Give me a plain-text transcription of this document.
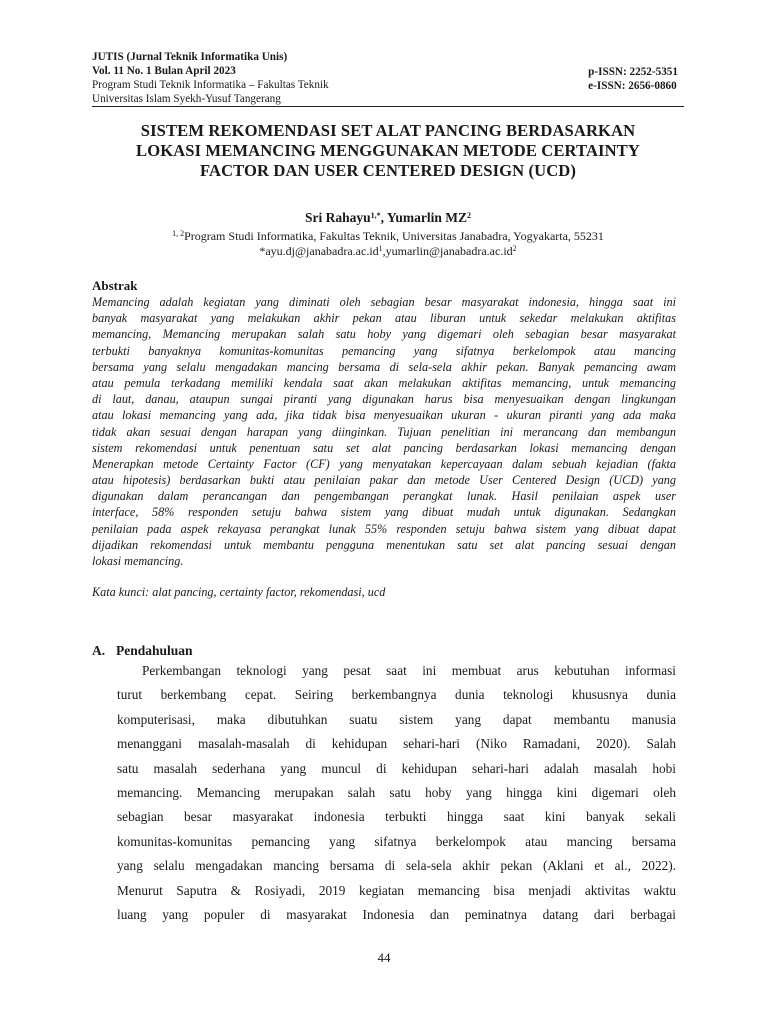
JUTIS (Jurnal Teknik Informatika Unis)
Vol. 11 No. 1 Bulan April 2023
Program Studi Teknik Informatika – Fakultas Teknik
Universitas Islam Syekh-Yusuf Tangerang
p-ISSN: 2252-5351
e-ISSN: 2656-0860
SISTEM REKOMENDASI SET ALAT PANCING BERDASARKAN
LOKASI MEMANCING MENGGUNAKAN METODE CERTAINTY
FACTOR DAN USER CENTERED DESIGN (UCD)
Sri Rahayu$^{1,*}$, Yumarlin $MZ^2$
$^{1, 2}$Program Studi Informatika, Fakultas Teknik, Universitas Janabadra, Yogyakarta, 55231
$*ayu.dj@janabadra.ac.id^1,yumarlin@janabadra.ac.id^2$
Abstrak
Memancing adalah kegiatan yang diminati oleh sebagian besar masyarakat indonesia, hingga saat ini
banyak masyarakat yang melakukan akhir pekan atau liburan untuk sekedar melakukan aktifitas
memancing, Memancing merupakan salah satu hoby yang digemari oleh sebagian besar masyarakat
terbukti banyaknya komunitas-komunitas pemancing yang sifatnya berkelompok atau mancing
bersama yang selalu mengadakan mancing bersama di sela-sela akhir pekan. Banyak pemancing awam
atau pemula terkadang memiliki kendala saat akan melakukan aktifitas memancing, untuk memancing
di laut, danau, ataupun sungai piranti yang digunakan harus bisa menyesuaikan dengan lingkungan
atau lokasi memancing yang ada, jika tidak bisa menyesuaikan ukuran - ukuran piranti yang ada maka
tidak akan sesuai dengan harapan yang diinginkan. Tujuan penelitian ini merancang dan membangun
sistem rekomendasi untuk penentuan satu set alat pancing berdasarkan lokasi memancing dengan
Menerapkan metode Certainty Factor (CF) yang menyatakan kepercayaan dalam sebuah kejadian (fakta
atau hipotesis) berdasarkan bukti atau penilaian pakar dan metode User Centered Design (UCD) yang
digunakan dalam perancangan dan pengembangan perangkat lunak. Hasil penilaian aspek user
interface, 58% responden setuju bahwa sistem yang dibuat mudah untuk digunakan. Sedangkan
penilaian pada aspek rekayasa perangkat lunak 55% responden setuju bahwa sistem yang dibuat dapat
dijadikan rekomendasi untuk membantu pengguna menentukan satu set alat pancing sesuai dengan
lokasi memancing.
Kata kunci: alat pancing, certainty factor, rekomendasi, ucd
A. Pendahuluan
Perkembangan teknologi yang pesat saat ini membuat arus kebutuhan informasi
turut berkembang cepat. Seiring berkembangnya dunia teknologi khususnya dunia
komputerisasi, maka dibutuhkan suatu sistem yang dapat membantu manusia
menanggani masalah-masalah di kehidupan sehari-hari (Niko Ramadani, 2020). Salah
satu masalah sederhana yang muncul di kehidupan sehari-hari adalah masalah hobi
memancing. Memancing merupakan salah satu hoby yang hingga kini digemari oleh
sebagian besar masyarakat indonesia terbukti hingga saat kini banyak sekali
komunitas-komunitas pemancing yang sifatnya berkelompok atau mancing bersama
yang selalu mengadakan mancing bersama di sela-sela akhir pekan (Aklani et al., 2022).
Menurut Saputra & Rosiyadi, 2019 kegiatan memancing bisa menjadi aktivitas waktu
luang yang populer di masyarakat Indonesia dan peminatnya datang dari berbagai
44
